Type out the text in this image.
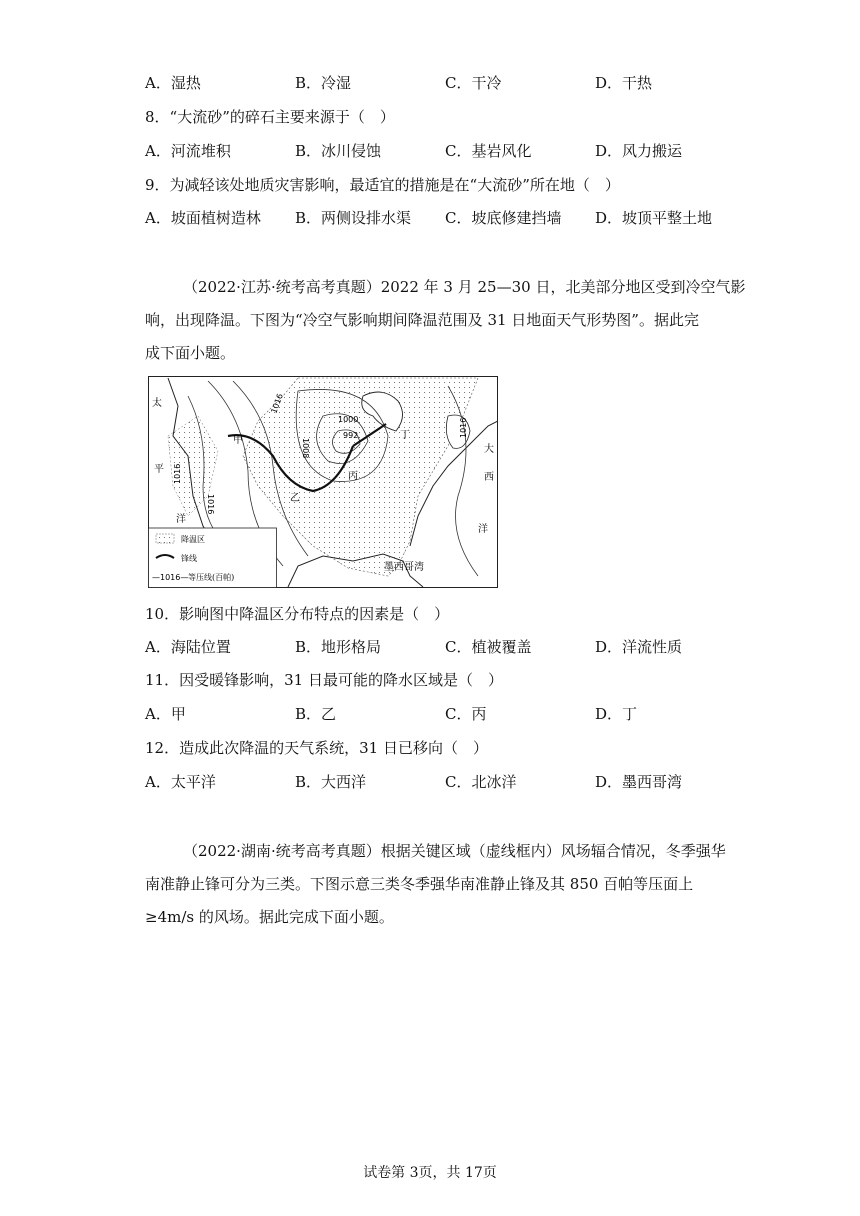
A．湿热	B．冷湿	C．干冷	D．干热
8．“大流砂”的碎石主要来源于（　）
A．河流堆积	B．冰川侵蚀	C．基岩风化	D．风力搬运
9．为减轻该处地质灾害影响，最适宜的措施是在“大流砂”所在地（　）
A．坡面植树造林 B．两侧设排水渠 C．坡底修建挡墙 D．坡顶平整土地
（2022·江苏·统考高考真题）2022 年 3 月 25—30 日，北美部分地区受到冷空气影
响，出现降温。下图为“冷空气影响期间降温范围及 31 日地面天气形势图”。据此完
成下面小题。
1016
1008
1000
992
1016
1016
1016
甲
乙
丙
丁
太
平
洋
大
西
洋
墨西哥湾
降温区
锋线
—1016— 等压线(百帕)
10．影响图中降温区分布特点的因素是（　）
A．海陆位置	B．地形格局	C．植被覆盖	D．洋流性质
11．因受暖锋影响，31 日最可能的降水区域是（　）
A．甲	B．乙	C．丙	D．丁
12．造成此次降温的天气系统，31 日已移向（　）
A．太平洋	B．大西洋	C．北冰洋	D．墨西哥湾
（2022·湖南·统考高考真题）根据关键区域（虚线框内）风场辐合情况，冬季强华
南准静止锋可分为三类。下图示意三类冬季强华南准静止锋及其 850 百帕等压面上
≥4m/s 的风场。据此完成下面小题。
试卷第 3页，共 17页
